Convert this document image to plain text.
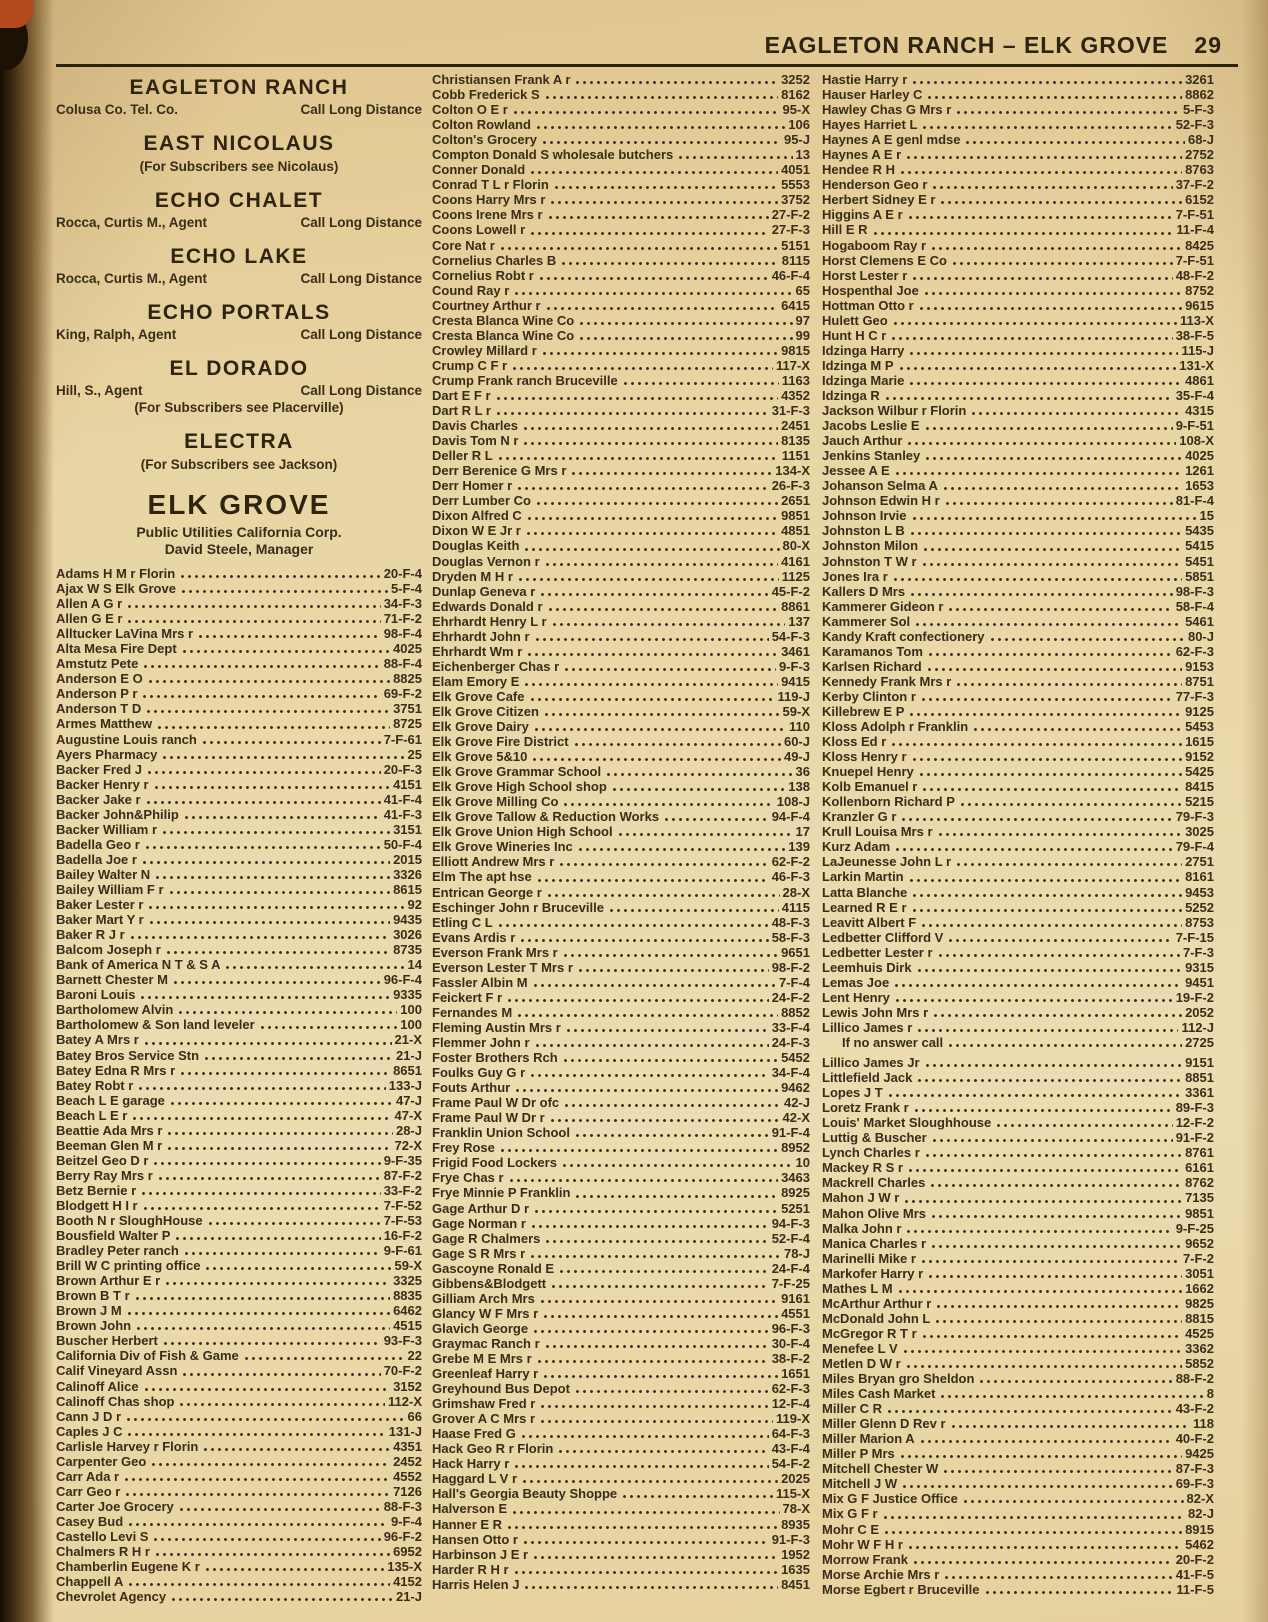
EAGLETON RANCH – ELK GROVE 29
EAGLETON RANCH
Colusa Co. Tel. Co.	Call Long Distance
EAST NICOLAUS
(For Subscribers see Nicolaus)
ECHO CHALET
Rocca, Curtis M., Agent	Call Long Distance
ECHO LAKE
Rocca, Curtis M., Agent	Call Long Distance
ECHO PORTALS
King, Ralph, Agent	Call Long Distance
EL DORADO
Hill, S., Agent	Call Long Distance
(For Subscribers see Placerville)
ELECTRA
(For Subscribers see Jackson)
ELK GROVE
Public Utilities California Corp.
David Steele, Manager
Adams H M r Florin	20-F-4
Ajax W S Elk Grove	5-F-4
Allen A G r	34-F-3
Allen G E r	71-F-2
Alltucker LaVina Mrs r	98-F-4
Alta Mesa Fire Dept	4025
Amstutz Pete	88-F-4
Anderson E O	8825
Anderson P r	69-F-2
Anderson T D	3751
Armes Matthew	8725
Augustine Louis ranch	7-F-61
Ayers Pharmacy	25
Backer Fred J	20-F-3
Backer Henry r	4151
Backer Jake r	41-F-4
Backer John&Philip	41-F-3
Backer William r	3151
Badella Geo r	50-F-4
Badella Joe r	2015
Bailey Walter N	3326
Bailey William F r	8615
Baker Lester r	92
Baker Mart Y r	9435
Baker R J r	3026
Balcom Joseph r	8735
Bank of America N T & S A	14
Barnett Chester M	96-F-4
Baroni Louis	9335
Bartholomew Alvin	100
Bartholomew & Son land leveler	100
Batey A Mrs r	21-X
Batey Bros Service Stn	21-J
Batey Edna R Mrs r	8651
Batey Robt r	133-J
Beach L E garage	47-J
Beach L E r	47-X
Beattie Ada Mrs r	28-J
Beeman Glen M r	72-X
Beitzel Geo D r	9-F-35
Berry Ray Mrs r	87-F-2
Betz Bernie r	33-F-2
Blodgett H I r	7-F-52
Booth N r SloughHouse	7-F-53
Bousfield Walter P	16-F-2
Bradley Peter ranch	9-F-61
Brill W C printing office	59-X
Brown Arthur E r	3325
Brown B T r	8835
Brown J M	6462
Brown John	4515
Buscher Herbert	93-F-3
California Div of Fish & Game	22
Calif Vineyard Assn	70-F-2
Calinoff Alice	3152
Calinoff Chas shop	112-X
Cann J D r	66
Caples J C	131-J
Carlisle Harvey r Florin	4351
Carpenter Geo	2452
Carr Ada r	4552
Carr Geo r	7126
Carter Joe Grocery	88-F-3
Casey Bud	9-F-4
Castello Levi S	96-F-2
Chalmers R H r	6952
Chamberlin Eugene K r	135-X
Chappell A	4152
Chevrolet Agency	21-J
Christiansen Frank A r	3252
Cobb Frederick S	8162
Colton O E r	95-X
Colton Rowland	106
Colton's Grocery	95-J
Compton Donald S wholesale butchers	13
Conner Donald	4051
Conrad T L r Florin	5553
Coons Harry Mrs r	3752
Coons Irene Mrs r	27-F-2
Coons Lowell r	27-F-3
Core Nat r	5151
Cornelius Charles B	8115
Cornelius Robt r	46-F-4
Cound Ray r	65
Courtney Arthur r	6415
Cresta Blanca Wine Co	97
Cresta Blanca Wine Co	99
Crowley Millard r	9815
Crump C F r	117-X
Crump Frank ranch Bruceville	1163
Dart E F r	4352
Dart R L r	31-F-3
Davis Charles	2451
Davis Tom N r	8135
Deller R L	1151
Derr Berenice G Mrs r	134-X
Derr Homer r	26-F-3
Derr Lumber Co	2651
Dixon Alfred C	9851
Dixon W E Jr r	4851
Douglas Keith	80-X
Douglas Vernon r	4161
Dryden M H r	1125
Dunlap Geneva r	45-F-2
Edwards Donald r	8861
Ehrhardt Henry L r	137
Ehrhardt John r	54-F-3
Ehrhardt Wm r	3461
Eichenberger Chas r	9-F-3
Elam Emory E	9415
Elk Grove Cafe	119-J
Elk Grove Citizen	59-X
Elk Grove Dairy	110
Elk Grove Fire District	60-J
Elk Grove 5&10	49-J
Elk Grove Grammar School	36
Elk Grove High School shop	138
Elk Grove Milling Co	108-J
Elk Grove Tallow & Reduction Works	94-F-4
Elk Grove Union High School	17
Elk Grove Wineries Inc	139
Elliott Andrew Mrs r	62-F-2
Elm The apt hse	46-F-3
Entrican George r	28-X
Eschinger John r Bruceville	4115
Etling C L	48-F-3
Evans Ardis r	58-F-3
Everson Frank Mrs r	9651
Everson Lester T Mrs r	98-F-2
Fassler Albin M	7-F-4
Feickert F r	24-F-2
Fernandes M	8852
Fleming Austin Mrs r	33-F-4
Flemmer John r	24-F-3
Foster Brothers Rch	5452
Foulks Guy G r	34-F-4
Fouts Arthur	9462
Frame Paul W Dr ofc	42-J
Frame Paul W Dr r	42-X
Franklin Union School	91-F-4
Frey Rose	8952
Frigid Food Lockers	10
Frye Chas r	3463
Frye Minnie P Franklin	8925
Gage Arthur D r	5251
Gage Norman r	94-F-3
Gage R Chalmers	52-F-4
Gage S R Mrs r	78-J
Gascoyne Ronald E	24-F-4
Gibbens&Blodgett	7-F-25
Gilliam Arch Mrs	9161
Glancy W F Mrs r	4551
Glavich George	96-F-3
Graymac Ranch r	30-F-4
Grebe M E Mrs r	38-F-2
Greenleaf Harry r	1651
Greyhound Bus Depot	62-F-3
Grimshaw Fred r	12-F-4
Grover A C Mrs r	119-X
Haase Fred G	64-F-3
Hack Geo R r Florin	43-F-4
Hack Harry r	54-F-2
Haggard L V r	2025
Hall's Georgia Beauty Shoppe	115-X
Halverson E	78-X
Hanner E R	8935
Hansen Otto r	91-F-3
Harbinson J E r	1952
Harder R H r	1635
Harris Helen J	8451
Hastie Harry r	3261
Hauser Harley C	8862
Hawley Chas G Mrs r	5-F-3
Hayes Harriet L	52-F-3
Haynes A E genl mdse	68-J
Haynes A E r	2752
Hendee R H	8763
Henderson Geo r	37-F-2
Herbert Sidney E r	6152
Higgins A E r	7-F-51
Hill E R	11-F-4
Hogaboom Ray r	8425
Horst Clemens E Co	7-F-51
Horst Lester r	48-F-2
Hospenthal Joe	8752
Hottman Otto r	9615
Hulett Geo	113-X
Hunt H C r	38-F-5
Idzinga Harry	115-J
Idzinga M P	131-X
Idzinga Marie	4861
Idzinga R	35-F-4
Jackson Wilbur r Florin	4315
Jacobs Leslie E	9-F-51
Jauch Arthur	108-X
Jenkins Stanley	4025
Jessee A E	1261
Johanson Selma A	1653
Johnson Edwin H r	81-F-4
Johnson Irvie	15
Johnston L B	5435
Johnston Milon	5415
Johnston T W r	5451
Jones Ira r	5851
Kallers D Mrs	98-F-3
Kammerer Gideon r	58-F-4
Kammerer Sol	5461
Kandy Kraft confectionery	80-J
Karamanos Tom	62-F-3
Karlsen Richard	9153
Kennedy Frank Mrs r	8751
Kerby Clinton r	77-F-3
Killebrew E P	9125
Kloss Adolph r Franklin	5453
Kloss Ed r	1615
Kloss Henry r	9152
Knuepel Henry	5425
Kolb Emanuel r	8415
Kollenborn Richard P	5215
Kranzler G r	79-F-3
Krull Louisa Mrs r	3025
Kurz Adam	79-F-4
LaJeunesse John L r	2751
Larkin Martin	8161
Latta Blanche	9453
Learned R E r	5252
Leavitt Albert F	8753
Ledbetter Clifford V	7-F-15
Ledbetter Lester r	7-F-3
Leemhuis Dirk	9315
Lemas Joe	9451
Lent Henry	19-F-2
Lewis John Mrs r	2052
Lillico James r	112-J
If no answer call	2725
Lillico James Jr	9151
Littlefield Jack	8851
Lopes J T	3361
Loretz Frank r	89-F-3
Louis' Market Sloughhouse	12-F-2
Luttig & Buscher	91-F-2
Lynch Charles r	8761
Mackey R S r	6161
Mackrell Charles	8762
Mahon J W r	7135
Mahon Olive Mrs	9851
Malka John r	9-F-25
Manica Charles r	9652
Marinelli Mike r	7-F-2
Markofer Harry r	3051
Mathes L M	1662
McArthur Arthur r	9825
McDonald John L	8815
McGregor R T r	4525
Menefee L V	3362
Metlen D W r	5852
Miles Bryan gro Sheldon	88-F-2
Miles Cash Market	8
Miller C R	43-F-2
Miller Glenn D Rev r	118
Miller Marion A	40-F-2
Miller P Mrs	9425
Mitchell Chester W	87-F-3
Mitchell J W	69-F-3
Mix G F Justice Office	82-X
Mix G F r	82-J
Mohr C E	8915
Mohr W F H r	5462
Morrow Frank	20-F-2
Morse Archie Mrs r	41-F-5
Morse Egbert r Bruceville	11-F-5
